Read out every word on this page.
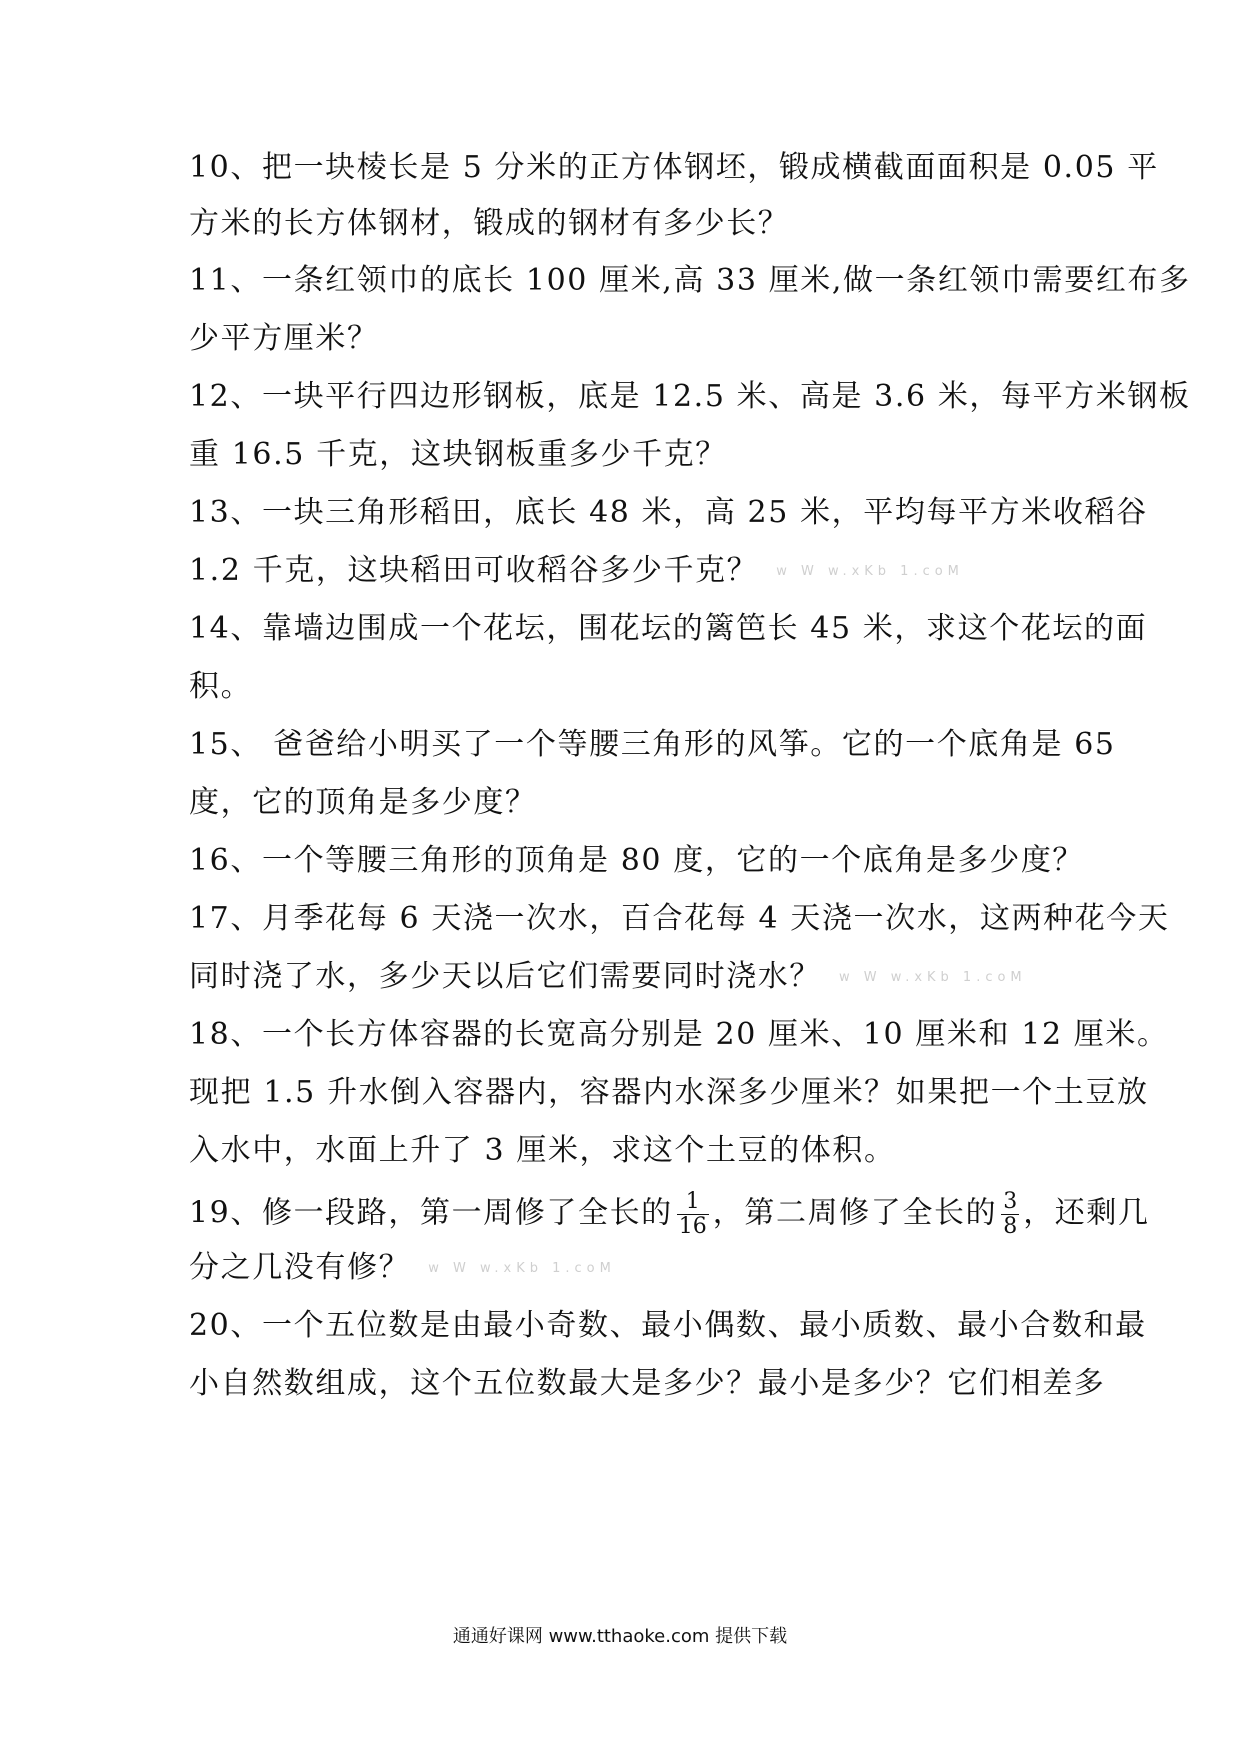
10、把一块棱长是 5 分米的正方体钢坯，锻成横截面面积是 0.05 平
方米的长方体钢材，锻成的钢材有多少长？
11、一条红领巾的底长 100 厘米,高 33 厘米,做一条红领巾需要红布多
少平方厘米？
12、一块平行四边形钢板，底是 12.5 米、高是 3.6 米，每平方米钢板
重 16.5 千克，这块钢板重多少千克？
13、一块三角形稻田，底长 48 米，高 25 米，平均每平方米收稻谷
1.2 千克，这块稻田可收稻谷多少千克？ w W w.xKb 1.coM
14、靠墙边围成一个花坛，围花坛的篱笆长 45 米，求这个花坛的面
积。
15、 爸爸给小明买了一个等腰三角形的风筝。它的一个底角是 65
度，它的顶角是多少度？
16、一个等腰三角形的顶角是 80 度，它的一个底角是多少度？
17、月季花每 6 天浇一次水，百合花每 4 天浇一次水，这两种花今天
同时浇了水，多少天以后它们需要同时浇水？ w W w.xKb 1.coM
18、一个长方体容器的长宽高分别是 20 厘米、10 厘米和 12 厘米。
现把 1.5 升水倒入容器内，容器内水深多少厘米？如果把一个土豆放
入水中，水面上升了 3 厘米，求这个土豆的体积。
19、修一段路，第一周修了全长的 $\frac{1}{16}$ ，第二周修了全长的 $\frac{3}{8}$ ，还剩几
分之几没有修？ w W w.xKb 1.coM
20、一个五位数是由最小奇数、最小偶数、最小质数、最小合数和最
小自然数组成，这个五位数最大是多少？最小是多少？它们相差多
通通好课网 www.tthaoke.com 提供下载
